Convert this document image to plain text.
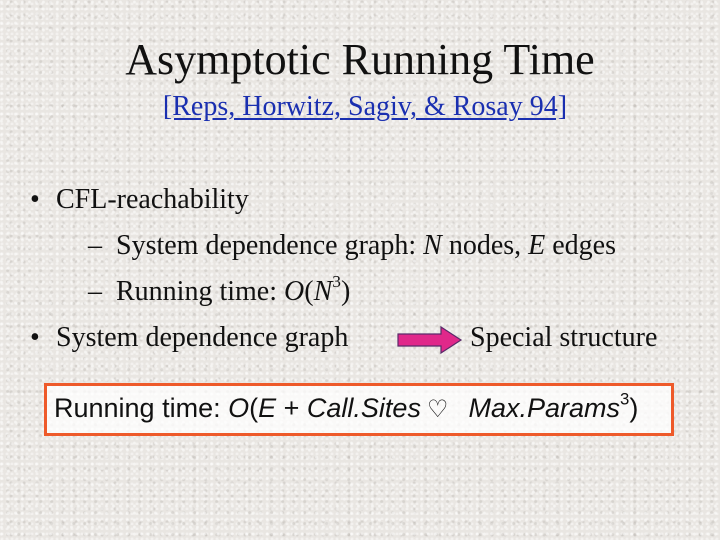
Asymptotic Running Time
[Reps, Horwitz, Sagiv, & Rosay 94]
• CFL-reachability
– System dependence graph: N nodes, E edges
– Running time: $O(N^3)$
• System dependence graph	Special structure
Running time: O(E + Call.Sites ♡ Max.Params$^3$)
